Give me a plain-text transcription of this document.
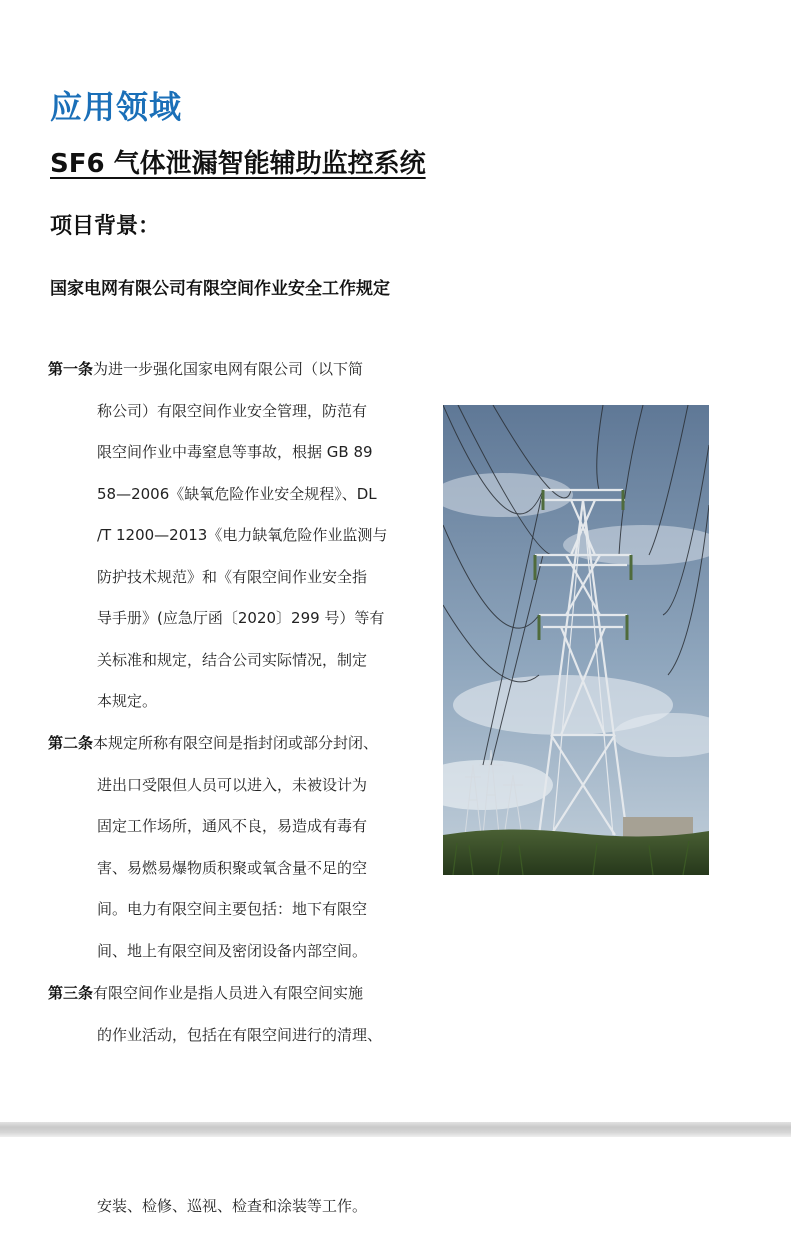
应用领域
SF6 气体泄漏智能辅助监控系统
项目背景：
国家电网有限公司有限空间作业安全工作规定
第一条为进一步强化国家电网有限公司（以下简
称公司）有限空间作业安全管理，防范有
限空间作业中毒窒息等事故，根据 GB 89
58—2006《缺氧危险作业安全规程》、DL
/T 1200—2013《电力缺氧危险作业监测与
防护技术规范》和《有限空间作业安全指
导手册》(应急厅函〔2020〕299 号）等有
关标准和规定，结合公司实际情况，制定
本规定。
第二条本规定所称有限空间是指封闭或部分封闭、
进出口受限但人员可以进入，未被设计为
固定工作场所，通风不良，易造成有毒有
害、易燃易爆物质积聚或氧含量不足的空
间。电力有限空间主要包括：地下有限空
间、地上有限空间及密闭设备内部空间。
第三条有限空间作业是指人员进入有限空间实施
的作业活动，包括在有限空间进行的清理、
安装、检修、巡视、检查和涂装等工作。
